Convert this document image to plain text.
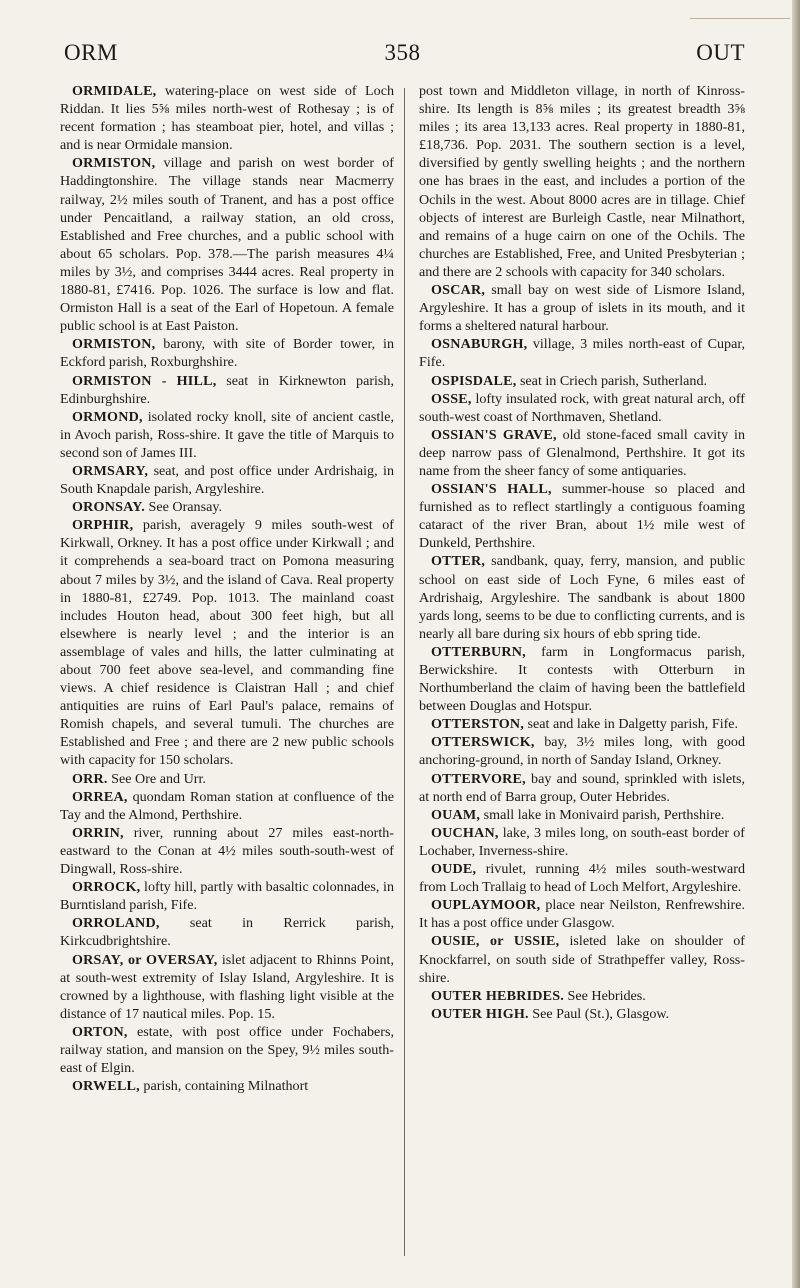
ORM	358	OUT

ORMIDALE, watering-place on west side of Loch Riddan. It lies 5⅝ miles north-west of Rothesay ; is of recent formation ; has steamboat pier, hotel, and villas ; and is near Ormidale mansion.

ORMISTON, village and parish on west border of Haddingtonshire. The village stands near Macmerry railway, 2½ miles south of Tranent, and has a post office under Pencaitland, a railway station, an old cross, Established and Free churches, and a public school with about 65 scholars. Pop. 378.—The parish measures 4¼ miles by 3½, and comprises 3444 acres. Real property in 1880-81, £7416. Pop. 1026. The surface is low and flat. Ormiston Hall is a seat of the Earl of Hopetoun. A female public school is at East Paiston.

ORMISTON, barony, with site of Border tower, in Eckford parish, Roxburghshire.

ORMISTON - HILL, seat in Kirknewton parish, Edinburghshire.

ORMOND, isolated rocky knoll, site of ancient castle, in Avoch parish, Ross-shire. It gave the title of Marquis to second son of James III.

ORMSARY, seat, and post office under Ardrishaig, in South Knapdale parish, Argyleshire.

ORONSAY. See Oransay.

ORPHIR, parish, averagely 9 miles south-west of Kirkwall, Orkney. It has a post office under Kirkwall ; and it comprehends a sea-board tract on Pomona measuring about 7 miles by 3½, and the island of Cava. Real property in 1880-81, £2749. Pop. 1013. The mainland coast includes Houton head, about 300 feet high, but all elsewhere is nearly level ; and the interior is an assemblage of vales and hills, the latter culminating at about 700 feet above sea-level, and commanding fine views. A chief residence is Claistran Hall ; and chief antiquities are ruins of Earl Paul's palace, remains of Romish chapels, and several tumuli. The churches are Established and Free ; and there are 2 new public schools with capacity for 150 scholars.

ORR. See Ore and Urr.

ORREA, quondam Roman station at confluence of the Tay and the Almond, Perthshire.

ORRIN, river, running about 27 miles east-north-eastward to the Conan at 4½ miles south-south-west of Dingwall, Ross-shire.

ORROCK, lofty hill, partly with basaltic colonnades, in Burntisland parish, Fife.

ORROLAND, seat in Rerrick parish, Kirkcudbrightshire.

ORSAY, or OVERSAY, islet adjacent to Rhinns Point, at south-west extremity of Islay Island, Argyleshire. It is crowned by a lighthouse, with flashing light visible at the distance of 17 nautical miles. Pop. 15.

ORTON, estate, with post office under Fochabers, railway station, and mansion on the Spey, 9½ miles south-east of Elgin.

ORWELL, parish, containing Milnathort

post town and Middleton village, in north of Kinross-shire. Its length is 8⅝ miles ; its greatest breadth 3⅝ miles ; its area 13,133 acres. Real property in 1880-81, £18,736. Pop. 2031. The southern section is a level, diversified by gently swelling heights ; and the northern one has braes in the east, and includes a portion of the Ochils in the west. About 8000 acres are in tillage. Chief objects of interest are Burleigh Castle, near Milnathort, and remains of a huge cairn on one of the Ochils. The churches are Established, Free, and United Presbyterian ; and there are 2 schools with capacity for 340 scholars.

OSCAR, small bay on west side of Lismore Island, Argyleshire. It has a group of islets in its mouth, and it forms a sheltered natural harbour.

OSNABURGH, village, 3 miles north-east of Cupar, Fife.

OSPISDALE, seat in Criech parish, Sutherland.

OSSE, lofty insulated rock, with great natural arch, off south-west coast of Northmaven, Shetland.

OSSIAN'S GRAVE, old stone-faced small cavity in deep narrow pass of Glenalmond, Perthshire. It got its name from the sheer fancy of some antiquaries.

OSSIAN'S HALL, summer-house so placed and furnished as to reflect startlingly a contiguous foaming cataract of the river Bran, about 1½ mile west of Dunkeld, Perthshire.

OTTER, sandbank, quay, ferry, mansion, and public school on east side of Loch Fyne, 6 miles east of Ardrishaig, Argyleshire. The sandbank is about 1800 yards long, seems to be due to conflicting currents, and is nearly all bare during six hours of ebb spring tide.

OTTERBURN, farm in Longformacus parish, Berwickshire. It contests with Otterburn in Northumberland the claim of having been the battlefield between Douglas and Hotspur.

OTTERSTON, seat and lake in Dalgetty parish, Fife.

OTTERSWICK, bay, 3½ miles long, with good anchoring-ground, in north of Sanday Island, Orkney.

OTTERVORE, bay and sound, sprinkled with islets, at north end of Barra group, Outer Hebrides.

OUAM, small lake in Monivaird parish, Perthshire.

OUCHAN, lake, 3 miles long, on south-east border of Lochaber, Inverness-shire.

OUDE, rivulet, running 4½ miles south-westward from Loch Trallaig to head of Loch Melfort, Argyleshire.

OUPLAYMOOR, place near Neilston, Renfrewshire. It has a post office under Glasgow.

OUSIE, or USSIE, isleted lake on shoulder of Knockfarrel, on south side of Strathpeffer valley, Ross-shire.

OUTER HEBRIDES. See Hebrides.

OUTER HIGH. See Paul (St.), Glasgow.
